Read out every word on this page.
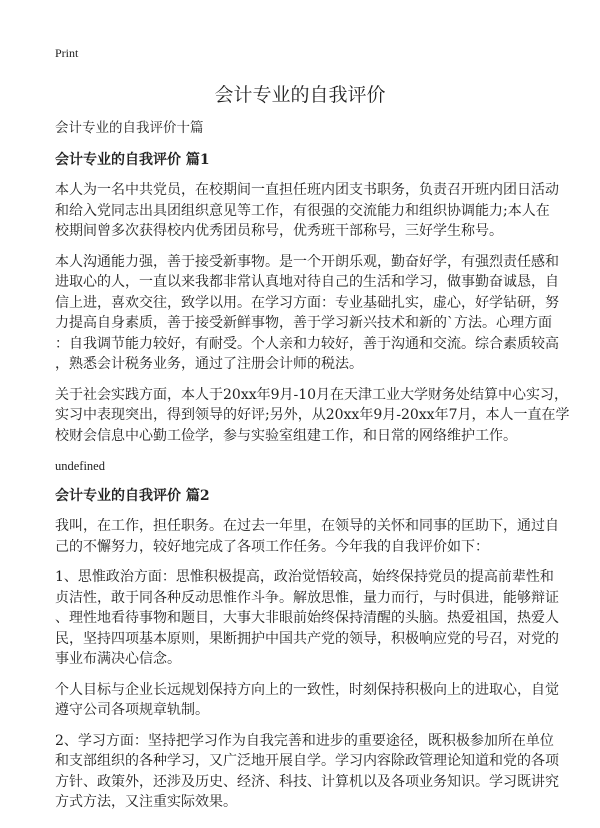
Print
会计专业的自我评价
会计专业的自我评价十篇
会计专业的自我评价 篇1

本人为一名中共党员，在校期间一直担任班内团支书职务，负责召开班内团日活动
和给入党同志出具团组织意见等工作，有很强的交流能力和组织协调能力;本人在
校期间曾多次获得校内优秀团员称号，优秀班干部称号，三好学生称号。

本人沟通能力强，善于接受新事物。是一个开朗乐观，勤奋好学，有强烈责任感和
进取心的人，一直以来我都非常认真地对待自己的生活和学习，做事勤奋诚恳，自
信上进，喜欢交往，致学以用。在学习方面：专业基础扎实，虚心，好学钻研，努
力提高自身素质，善于接受新鲜事物，善于学习新兴技术和新的`方法。心理方面
：自我调节能力较好，有耐受。个人亲和力较好，善于沟通和交流。综合素质较高
，熟悉会计税务业务，通过了注册会计师的税法。

关于社会实践方面，本人于20xx年9月-10月在天津工业大学财务处结算中心实习，
实习中表现突出，得到领导的好评;另外，从20xx年9月-20xx年7月，本人一直在学
校财会信息中心勤工俭学，参与实验室组建工作，和日常的网络维护工作。

undefined
会计专业的自我评价 篇2

我叫，在工作，担任职务。在过去一年里，在领导的关怀和同事的匡助下，通过自
己的不懈努力，较好地完成了各项工作任务。今年我的自我评价如下：

1、思惟政治方面：思惟积极提高，政治觉悟较高，始终保持党员的提高前辈性和
贞洁性，敢于同各种反动思惟作斗争。解放思惟，量力而行，与时俱进，能够辩证
、理性地看待事物和题目，大事大非眼前始终保持清醒的头脑。热爱祖国，热爱人
民，坚持四项基本原则，果断拥护中国共产党的领导，积极响应党的号召，对党的
事业布满决心信念。

个人目标与企业长远规划保持方向上的一致性，时刻保持积极向上的进取心，自觉
遵守公司各项规章轨制。

2、学习方面：坚持把学习作为自我完善和进步的重要途径，既积极参加所在单位
和支部组织的各种学习，又广泛地开展自学。学习内容除政管理论知道和党的各项
方针、政策外，还涉及历史、经济、科技、计算机以及各项业务知识。学习既讲究
方式方法，又注重实际效果。
